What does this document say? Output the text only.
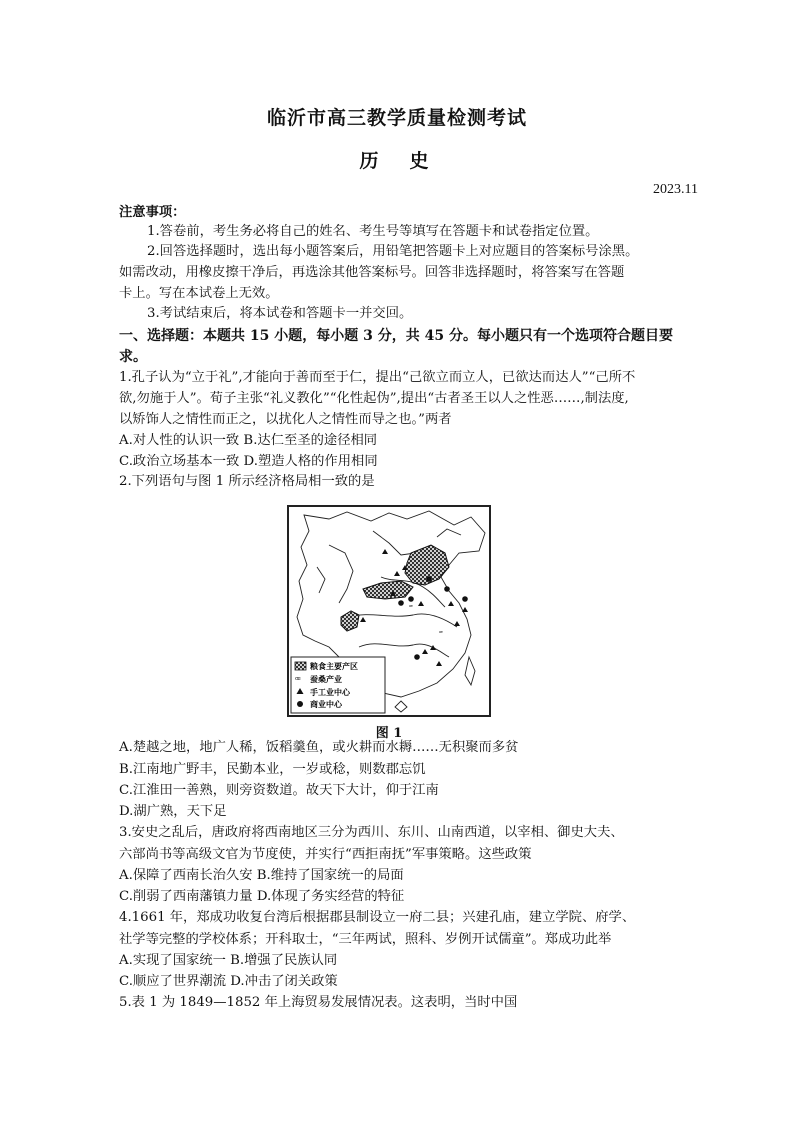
临沂市高三教学质量检测考试
历　史
2023.11
注意事项：
1.答卷前，考生务必将自己的姓名、考生号等填写在答题卡和试卷指定位置。
2.回答选择题时，选出每小题答案后，用铅笔把答题卡上对应题目的答案标号涂黑。
如需改动，用橡皮擦干净后，再选涂其他答案标号。回答非选择题时，将答案写在答题
卡上。写在本试卷上无效。
3.考试结束后，将本试卷和答题卡一并交回。
一、选择题：本题共 15 小题，每小题 3 分，共 45 分。每小题只有一个选项符合题目要
求。
1.孔子认为“立于礼”,才能向于善而至于仁，提出“己欲立而立人，已欲达而达人”“己所不
欲,勿施于人”。荀子主张“礼义教化”“化性起伪”,提出“古者圣王以人之性恶……,制法度,
以矫饰人之情性而正之，以扰化人之情性而导之也。”两者
A.对人性的认识一致 B.达仁至圣的途径相同
C.政治立场基本一致 D.塑造人格的作用相同
2.下列语句与图 1 所示经济格局相一致的是
ꟹ
ꟹ
ꟹ
粮食主要产区
蚕桑产业
手工业中心
商业中心
图 1
A.楚越之地，地广人稀，饭稻羹鱼，或火耕而水耨……无积聚而多贫
B.江南地广野丰，民勤本业，一岁或稔，则数郡忘饥
C.江淮田一善熟，则旁资数道。故天下大计，仰于江南
D.湖广熟，天下足
3.安史之乱后，唐政府将西南地区三分为西川、东川、山南西道，以宰相、御史大夫、
六部尚书等高级文官为节度使，并实行“西拒南抚”军事策略。这些政策
A.保障了西南长治久安 B.维持了国家统一的局面
C.削弱了西南藩镇力量 D.体现了务实经营的特征
4.1661 年，郑成功收复台湾后根据郡县制设立一府二县；兴建孔庙，建立学院、府学、
社学等完整的学校体系；开科取士，“三年两试，照科、岁例开试儒童”。郑成功此举
A.实现了国家统一 B.增强了民族认同
C.顺应了世界潮流 D.冲击了闭关政策
5.表 1 为 1849—1852 年上海贸易发展情况表。这表明，当时中国
